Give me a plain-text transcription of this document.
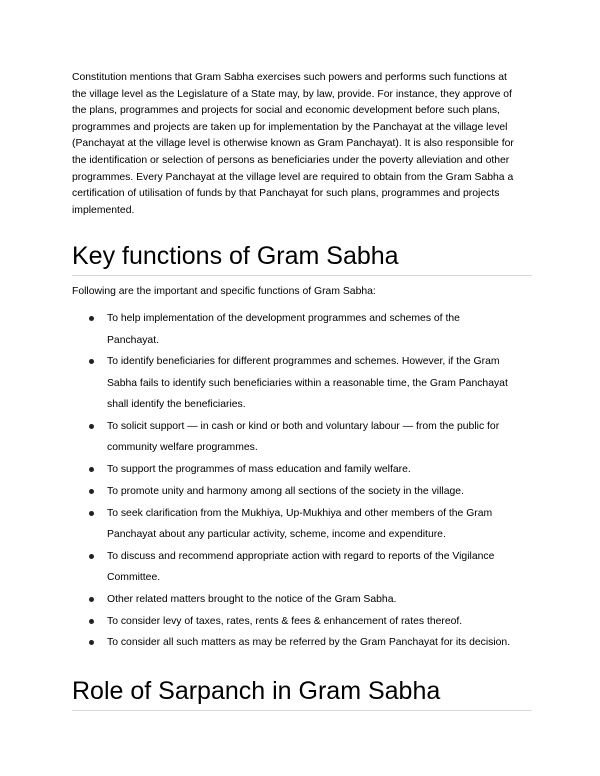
Constitution mentions that Gram Sabha exercises such powers and performs such functions at
the village level as the Legislature of a State may, by law, provide. For instance, they approve of
the plans, programmes and projects for social and economic development before such plans,
programmes and projects are taken up for implementation by the Panchayat at the village level
(Panchayat at the village level is otherwise known as Gram Panchayat). It is also responsible for
the identification or selection of persons as beneficiaries under the poverty alleviation and other
programmes. Every Panchayat at the village level are required to obtain from the Gram Sabha a
certification of utilisation of funds by that Panchayat for such plans, programmes and projects
implemented.
Key functions of Gram Sabha
Following are the important and specific functions of Gram Sabha:
To help implementation of the development programmes and schemes of the
Panchayat.
To identify beneficiaries for different programmes and schemes. However, if the Gram
Sabha fails to identify such beneficiaries within a reasonable time, the Gram Panchayat
shall identify the beneficiaries.
To solicit support — in cash or kind or both and voluntary labour — from the public for
community welfare programmes.
To support the programmes of mass education and family welfare.
To promote unity and harmony among all sections of the society in the village.
To seek clarification from the Mukhiya, Up-Mukhiya and other members of the Gram
Panchayat about any particular activity, scheme, income and expenditure.
To discuss and recommend appropriate action with regard to reports of the Vigilance
Committee.
Other related matters brought to the notice of the Gram Sabha.
To consider levy of taxes, rates, rents & fees & enhancement of rates thereof.
To consider all such matters as may be referred by the Gram Panchayat for its decision.
Role of Sarpanch in Gram Sabha
